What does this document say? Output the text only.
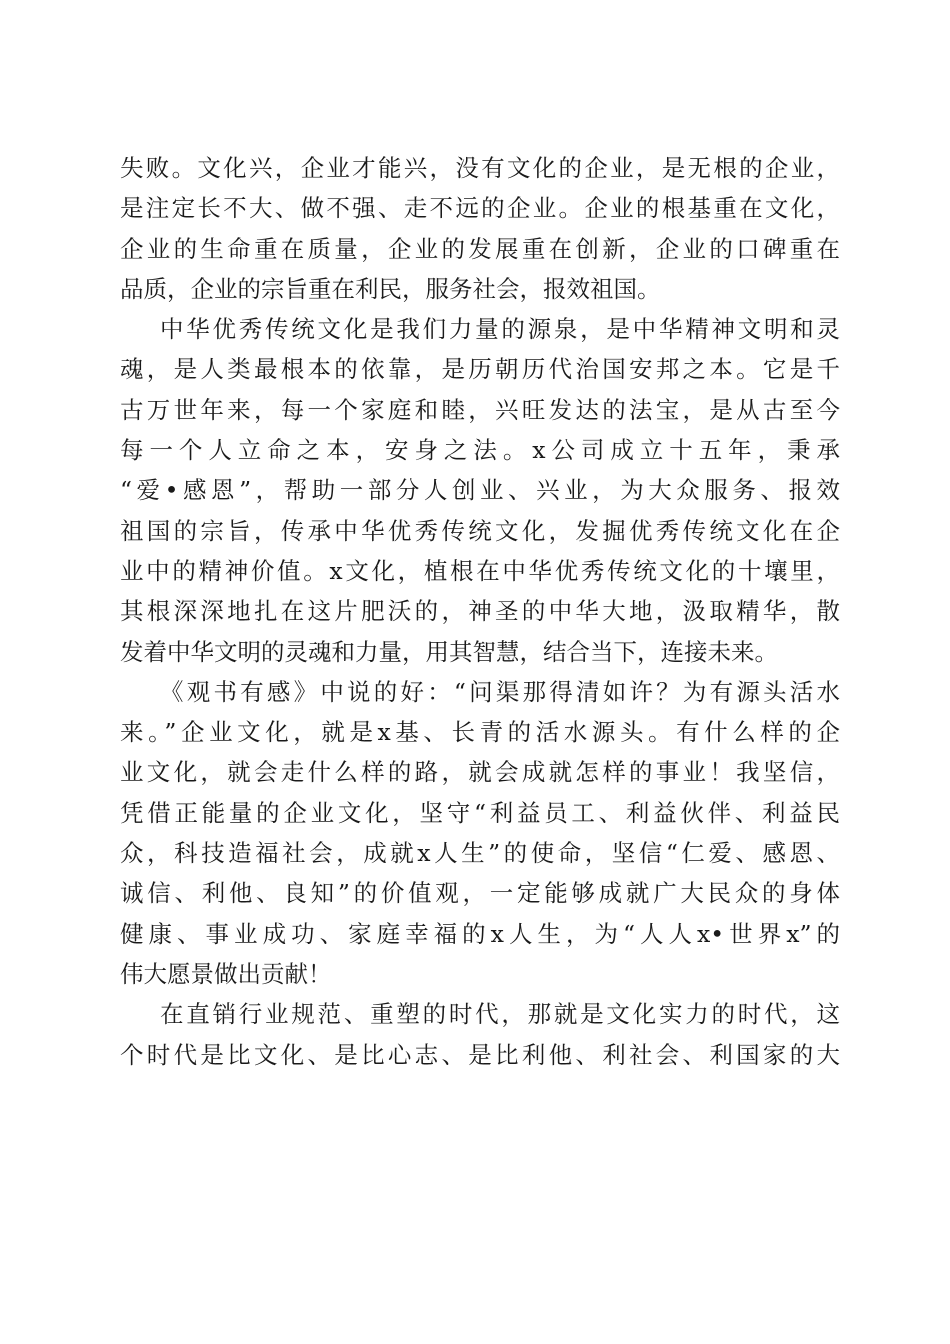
失败。文化兴，企业才能兴，没有文化的企业，是无根的企业，
是注定长不大、做不强、走不远的企业。企业的根基重在文化，
企业的生命重在质量，企业的发展重在创新，企业的口碑重在
品质，企业的宗旨重在利民，服务社会，报效祖国。
中华优秀传统文化是我们力量的源泉，是中华精神文明和灵
魂，是人类最根本的依靠，是历朝历代治国安邦之本。它是千
古万世年来，每一个家庭和睦，兴旺发达的法宝，是从古至今
每一个人立命之本，安身之法。x公司成立十五年，秉承
“爱•感恩”，帮助一部分人创业、兴业，为大众服务、报效
祖国的宗旨，传承中华优秀传统文化，发掘优秀传统文化在企
业中的精神价值。x文化，植根在中华优秀传统文化的十壤里，
其根深深地扎在这片肥沃的，神圣的中华大地，汲取精华，散
发着中华文明的灵魂和力量，用其智慧，结合当下，连接未来。
《观书有感》中说的好：“问渠那得清如许？为有源头活水
来。”企业文化，就是x基、长青的活水源头。有什么样的企
业文化，就会走什么样的路，就会成就怎样的事业！我坚信，
凭借正能量的企业文化，坚守“利益员工、利益伙伴、利益民
众，科技造福社会，成就x人生”的使命，坚信“仁爱、感恩、
诚信、利他、良知”的价值观，一定能够成就广大民众的身体
健康、事业成功、家庭幸福的x人生，为“人人x•世界x”的
伟大愿景做出贡献！
在直销行业规范、重塑的时代，那就是文化实力的时代，这
个时代是比文化、是比心志、是比利他、利社会、利国家的大
